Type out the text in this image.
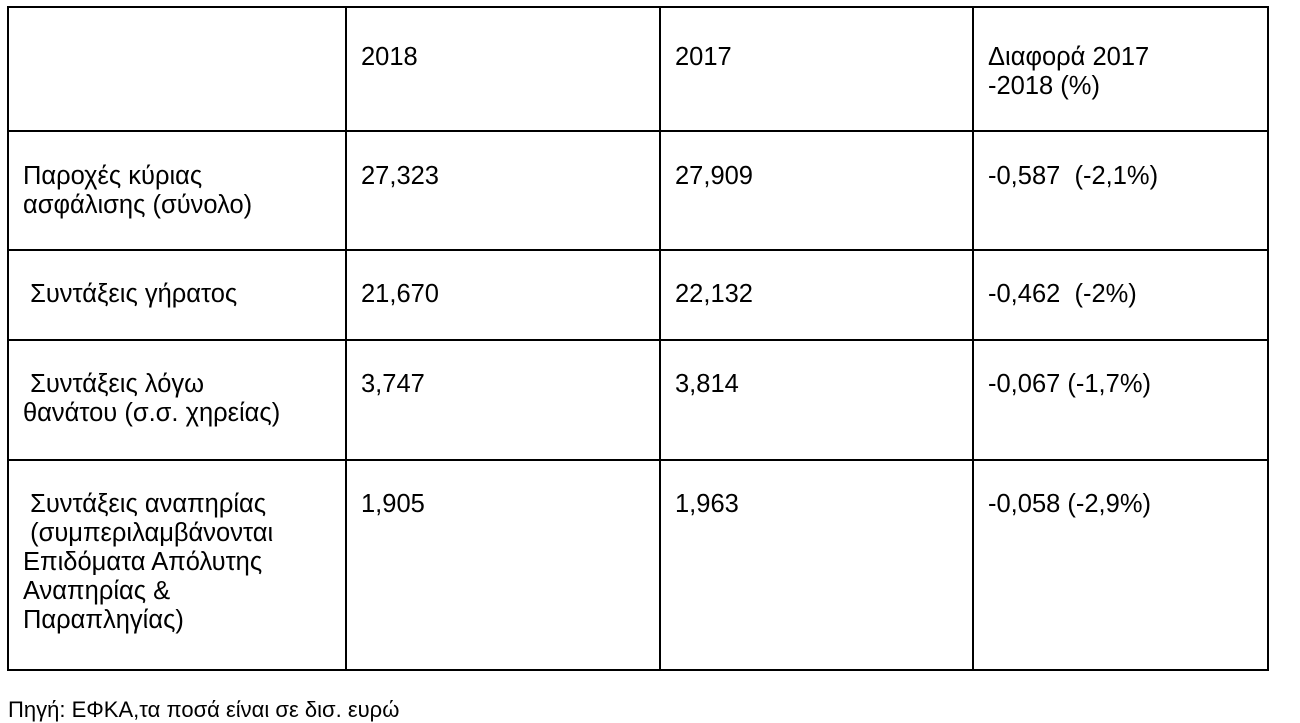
	2018	2017	Διαφορά 2017
-2018 (%)
Παροχές κύριας
ασφάλισης (σύνολο)	27,323	27,909	-0,587  (-2,1%)
Συντάξεις γήρατος	21,670	22,132	-0,462  (-2%)
Συντάξεις λόγω
θανάτου (σ.σ. χηρείας)	3,747	3,814	-0,067 (-1,7%)
Συντάξεις αναπηρίας
(συμπεριλαμβάνονται
Επιδόματα Απόλυτης
Αναπηρίας &
Παραπληγίας)	1,905	1,963	-0,058 (-2,9%)
Πηγή: ΕΦΚΑ,τα ποσά είναι σε δισ. ευρώ
